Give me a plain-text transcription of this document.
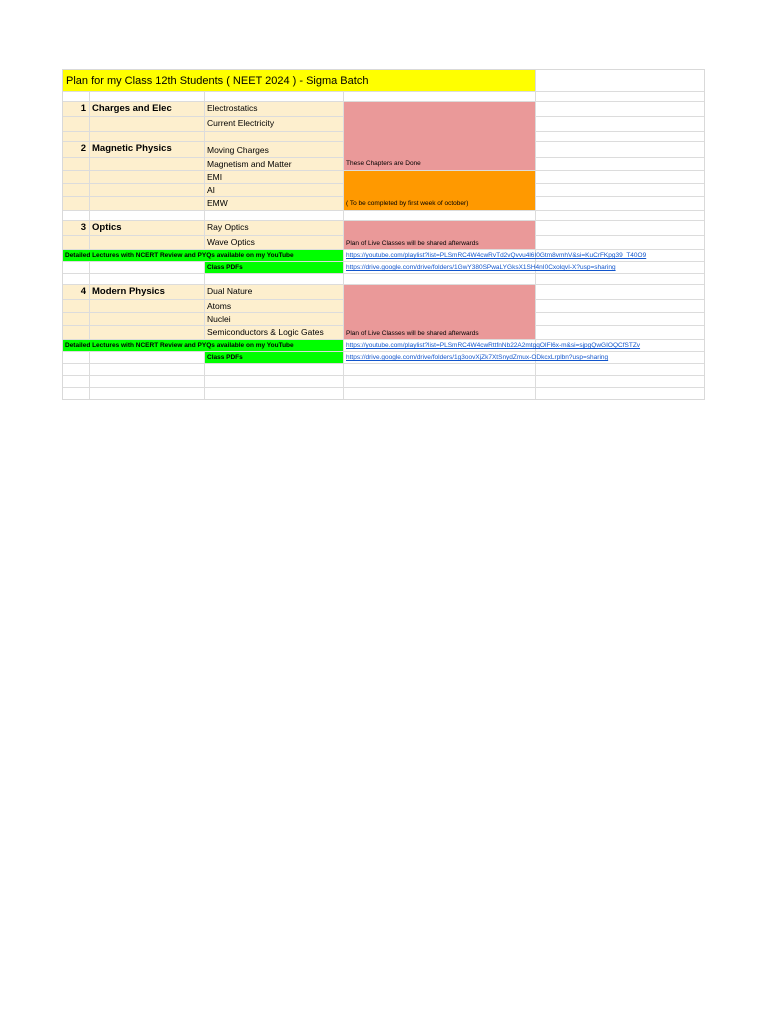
Plan for my Class 12th Students ( NEET 2024 ) - Sigma Batch
1 Charges and Elec	Electrostatics
Current Electricity
2 Magnetic Physics	Moving Charges
Magnetism and Matter	These Chapters are Done
EMI
AI
EMW	( To be completed by first week of october)
3 Optics	Ray Optics
Wave Optics	Plan of Live Classes will be shared afterwards
Detailed Lectures with NCERT Review and PYQs available on my YouTube	https://youtube.com/playlist?list=PLSmRC4W4cwRvTd2vQvvu4l6I0Gtm8vmhV&si=KuCrFKpg39_T40O9
Class PDFs	https://drive.google.com/drive/folders/1GwY380SPwaLYGksX1SH4nI0CxolqvI-X?usp=sharing
4 Modern Physics	Dual Nature
Atoms
Nuclei
Semiconductors & Logic Gates	Plan of Live Classes will be shared afterwards
Detailed Lectures with NCERT Review and PYQs available on my YouTube	https://youtube.com/playlist?list=PLSmRC4W4cwRttfnNb22A2mtgqOIFl6x-m&si=sjpgQwGIOQCfSTZv
Class PDFs	https://drive.google.com/drive/folders/1g3oovXjZk7XtSnydZmux-ODkcxLrplbn?usp=sharing
